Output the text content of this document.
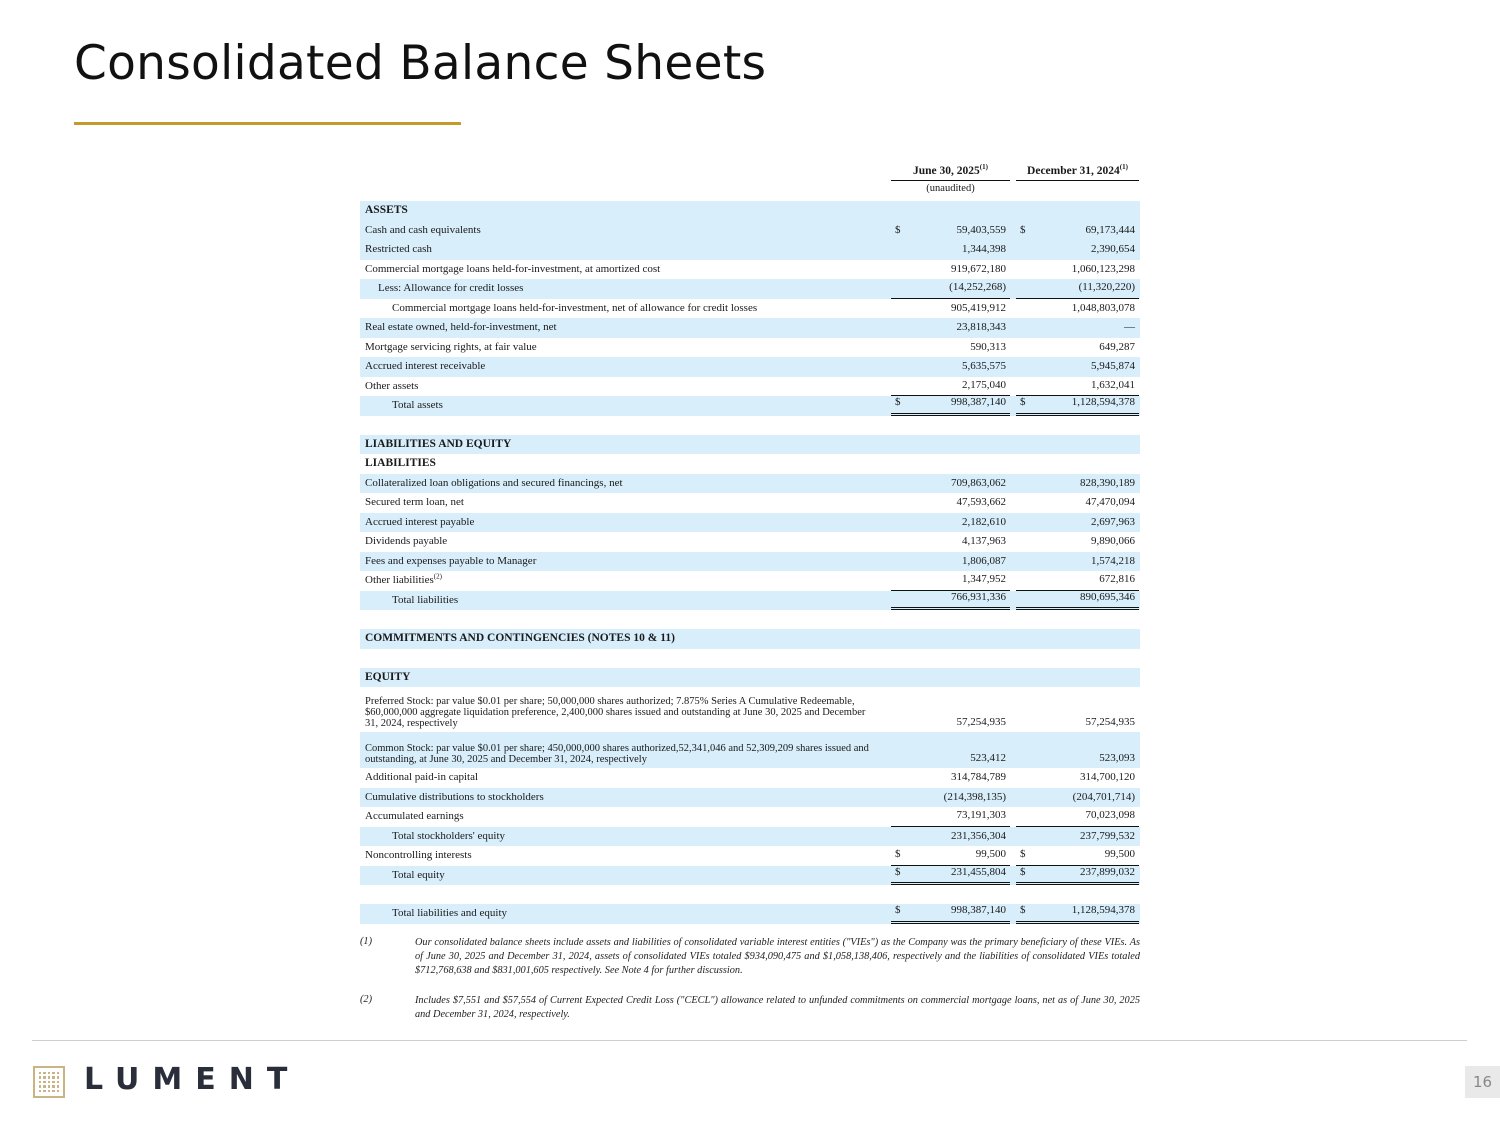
Consolidated Balance Sheets
June 30, 2025$^{(1)}$
(unaudited)
December 31, 2024$^{(1)}$
ASSETS
Cash and cash equivalents	$	59,403,559 $	69,173,444
Restricted cash	1,344,398	2,390,654
Commercial mortgage loans held-for-investment, at amortized cost	919,672,180	1,060,123,298
Less: Allowance for credit losses	(14,252,268)	(11,320,220)
Commercial mortgage loans held-for-investment, net of allowance for credit losses	905,419,912	1,048,803,078
Real estate owned, held-for-investment, net	23,818,343	—
Mortgage servicing rights, at fair value	590,313	649,287
Accrued interest receivable	5,635,575	5,945,874
Other assets	2,175,040	1,632,041
Total assets	$	998,387,140 $	1,128,594,378
LIABILITIES AND EQUITY
LIABILITIES
Collateralized loan obligations and secured financings, net	709,863,062	828,390,189
Secured term loan, net	47,593,662	47,470,094
Accrued interest payable	2,182,610	2,697,963
Dividends payable	4,137,963	9,890,066
Fees and expenses payable to Manager	1,806,087	1,574,218
Other liabilities$^{(2)}$	1,347,952	672,816
Total liabilities	766,931,336	890,695,346
COMMITMENTS AND CONTINGENCIES (NOTES 10 & 11)
EQUITY
Preferred Stock: par value $0.01 per share; 50,000,000 shares authorized; 7.875% Series A Cumulative Redeemable, $60,000,000 aggregate liquidation preference, 2,400,000 shares issued and outstanding at June 30, 2025 and December 31, 2024, respectively	57,254,935	57,254,935
Common Stock: par value $0.01 per share; 450,000,000 shares authorized,52,341,046 and 52,309,209 shares issued and outstanding, at June 30, 2025 and December 31, 2024, respectively	523,412	523,093
Additional paid-in capital	314,784,789	314,700,120
Cumulative distributions to stockholders	(214,398,135)	(204,701,714)
Accumulated earnings	73,191,303	70,023,098
Total stockholders' equity	231,356,304	237,799,532
Noncontrolling interests	$	99,500 $	99,500
Total equity	$	231,455,804 $	237,899,032
Total liabilities and equity	$	998,387,140 $	1,128,594,378
(1)	Our consolidated balance sheets include assets and liabilities of consolidated variable interest entities ("VIEs") as the Company was the primary beneficiary of these VIEs. As of June 30, 2025 and December 31, 2024, assets of consolidated VIEs totaled $934,090,475 and $1,058,138,406, respectively and the liabilities of consolidated VIEs totaled $712,768,638 and $831,001,605 respectively. See Note 4 for further discussion.
(2)	Includes $7,551 and $57,554 of Current Expected Credit Loss ("CECL") allowance related to unfunded commitments on commercial mortgage loans, net as of June 30, 2025 and December 31, 2024, respectively.
LUMENT	16
